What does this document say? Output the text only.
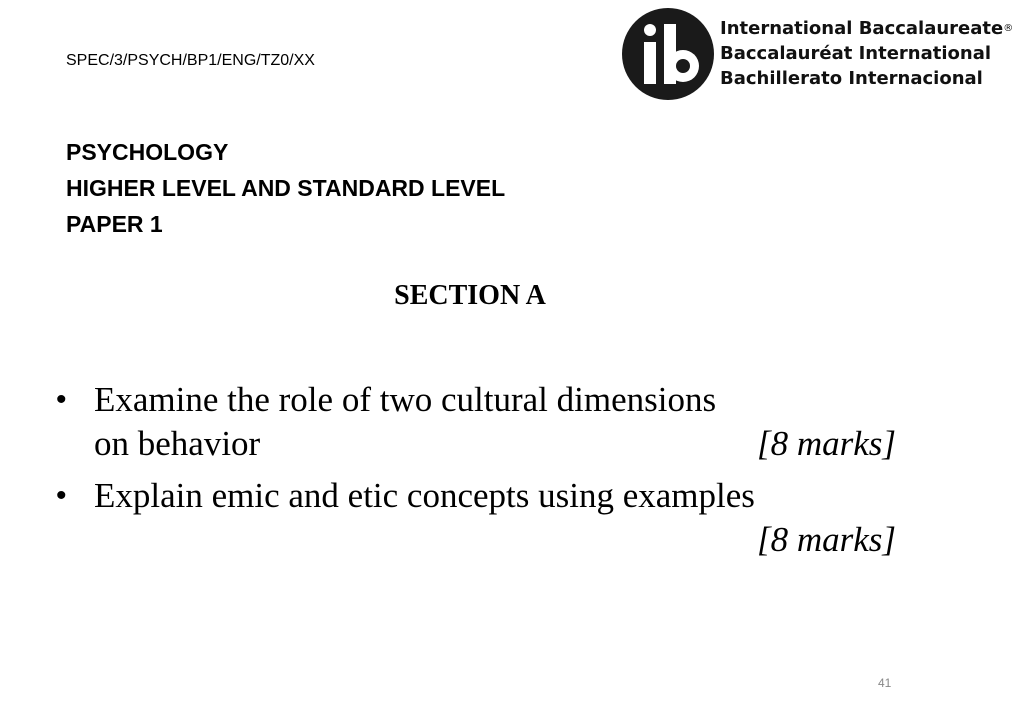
SPEC/3/PSYCH/BP1/ENG/TZ0/XX
International Baccalaureate®
Baccalauréat International
Bachillerato Internacional
PSYCHOLOGY
HIGHER LEVEL AND STANDARD LEVEL
PAPER 1
SECTION A
• Examine the role of two cultural dimensions
on behavior	[8 marks]
• Explain emic and etic concepts using examples
[8 marks]
41
